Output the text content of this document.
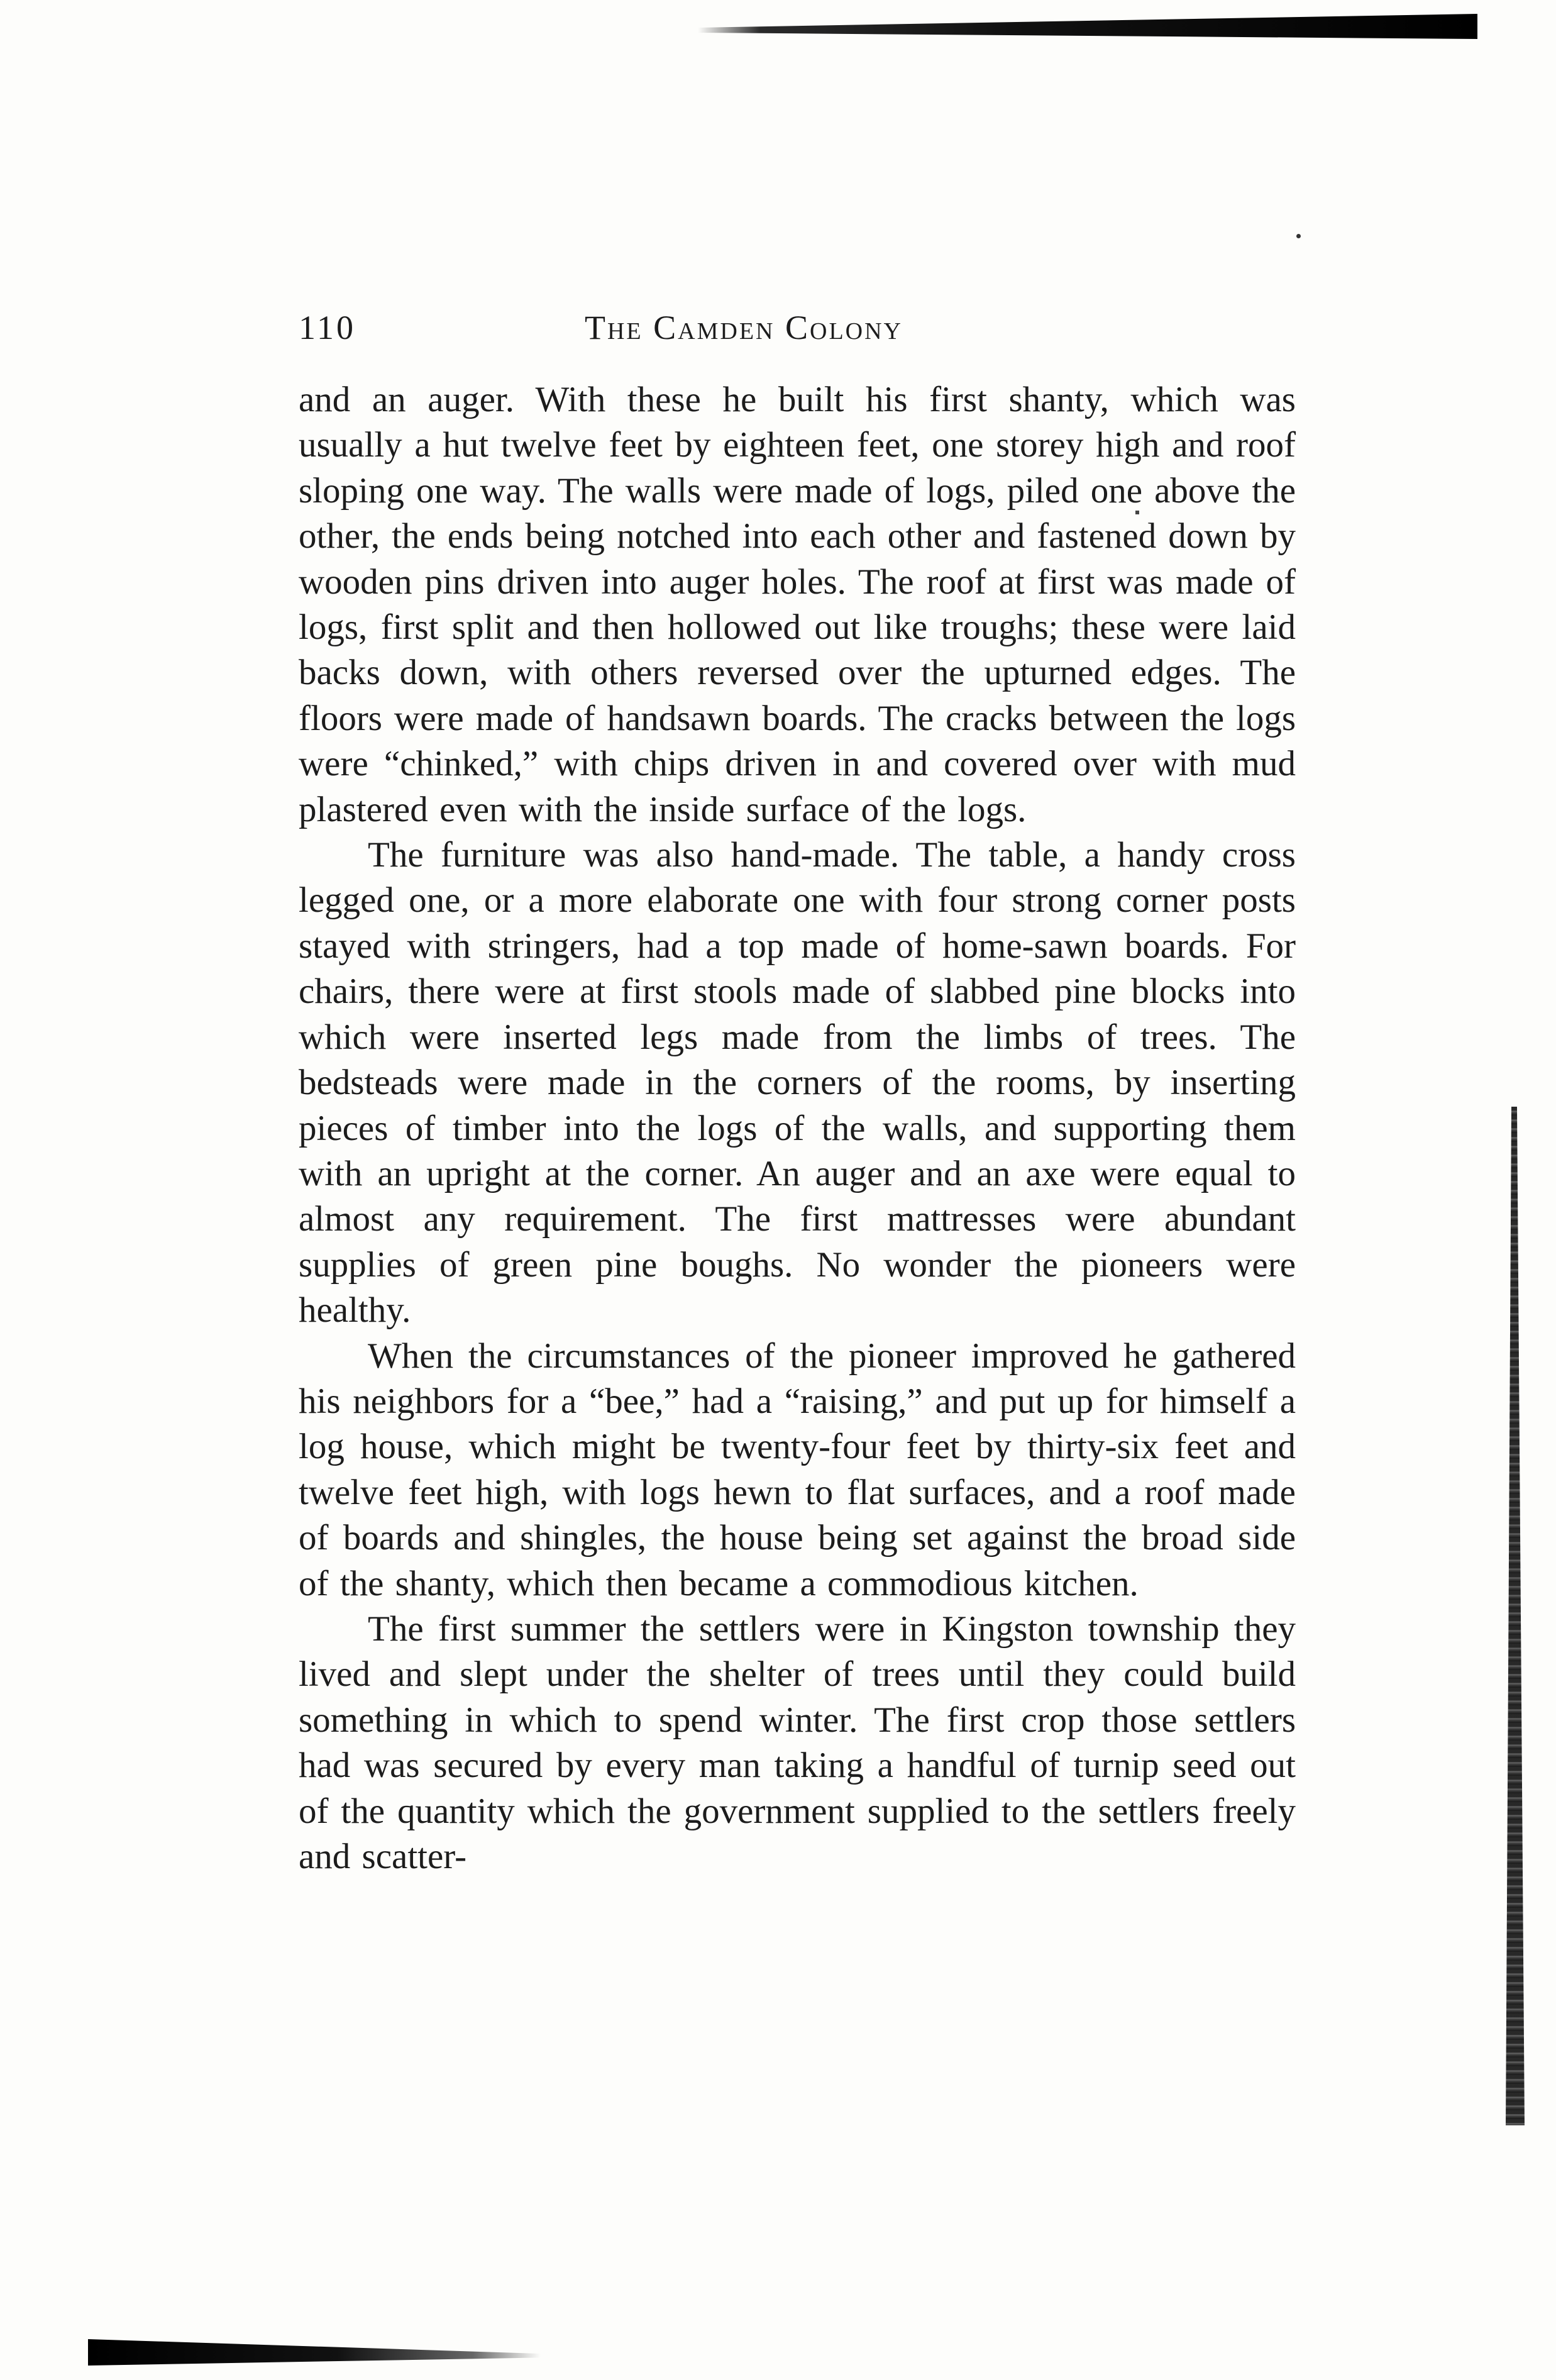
110	The Camden Colony

and an auger. With these he built his first shanty, which was usually a hut twelve feet by eighteen feet, one storey high and roof sloping one way. The walls were made of logs, piled one above the other, the ends being notched into each other and fastened down by wooden pins driven into auger holes. The roof at first was made of logs, first split and then hollowed out like troughs; these were laid backs down, with others reversed over the upturned edges. The floors were made of handsawn boards. The cracks between the logs were “chinked,” with chips driven in and covered over with mud plastered even with the inside surface of the logs.

The furniture was also hand-made. The table, a handy cross legged one, or a more elaborate one with four strong corner posts stayed with stringers, had a top made of home-sawn boards. For chairs, there were at first stools made of slabbed pine blocks into which were inserted legs made from the limbs of trees. The bedsteads were made in the corners of the rooms, by inserting pieces of timber into the logs of the walls, and supporting them with an upright at the corner. An auger and an axe were equal to almost any requirement. The first mattresses were abundant supplies of green pine boughs. No wonder the pioneers were healthy.

When the circumstances of the pioneer improved he gathered his neighbors for a “bee,” had a “raising,” and put up for himself a log house, which might be twenty-four feet by thirty-six feet and twelve feet high, with logs hewn to flat surfaces, and a roof made of boards and shingles, the house being set against the broad side of the shanty, which then became a commodious kitchen.

The first summer the settlers were in Kingston township they lived and slept under the shelter of trees until they could build something in which to spend winter. The first crop those settlers had was secured by every man taking a handful of turnip seed out of the quantity which the government supplied to the settlers freely and scatter-
